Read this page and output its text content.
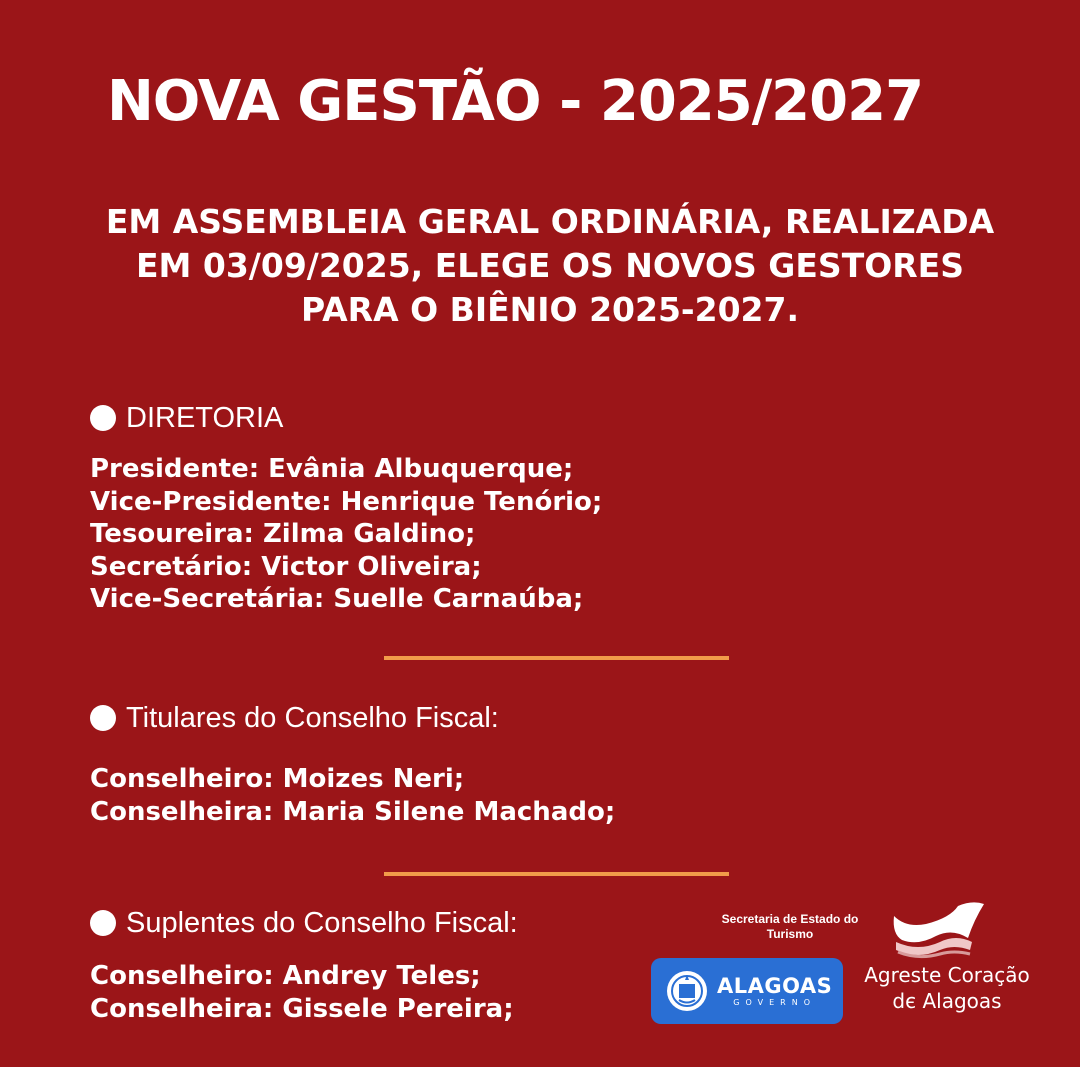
NOVA GESTÃO - 2025/2027
EM ASSEMBLEIA GERAL ORDINÁRIA, REALIZADA EM 03/09/2025, ELEGE OS NOVOS GESTORES PARA O BIÊNIO 2025-2027.
DIRETORIA
Presidente: Evânia Albuquerque;
Vice-Presidente: Henrique Tenório;
Tesoureira: Zilma Galdino;
Secretário: Victor Oliveira;
Vice-Secretária: Suelle Carnaúba;
Titulares do Conselho Fiscal:
Conselheiro: Moizes Neri;
Conselheira: Maria Silene Machado;
Suplentes do Conselho Fiscal:
Conselheiro: Andrey Teles;
Conselheira: Gissele Pereira;
Secretaria de Estado do Turismo
ALAGOAS
GOVERNO
Agreste Coração
dє Alagoas
